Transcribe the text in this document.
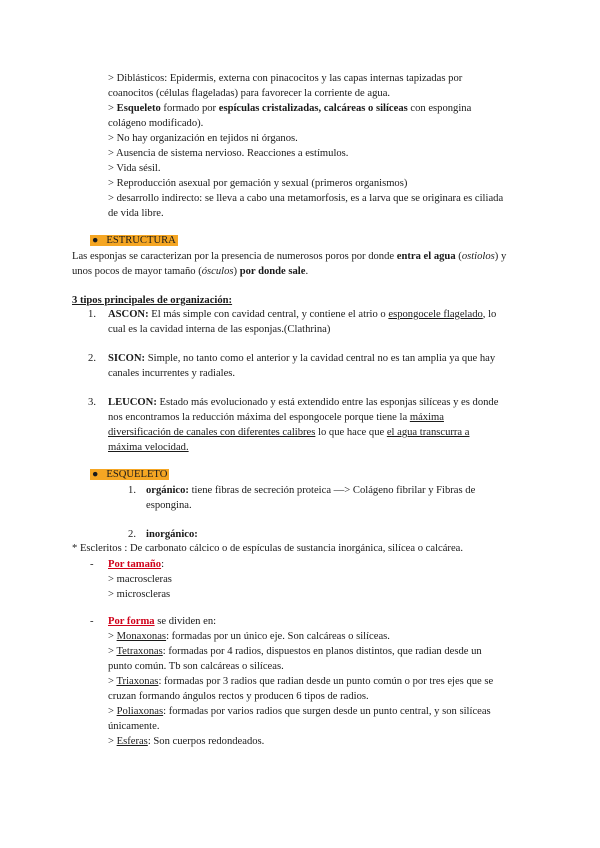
> Diblásticos: Epidermis, externa con pinacocitos y las capas internas tapizadas por
coanocitos (células flageladas) para favorecer la corriente de agua.
> Esqueleto formado por espículas cristalizadas, calcáreas o silíceas con espongina
colágeno modificado).
> No hay organización en tejidos ni órganos.
> Ausencia de sistema nervioso. Reacciones a estímulos.
> Vida sésil.
> Reproducción asexual por gemación y sexual (primeros organismos)
> desarrollo indirecto: se lleva a cabo una metamorfosis, es a larva que se originara es ciliada
de vida libre.
● ESTRUCTURA
Las esponjas se caracterizan por la presencia de numerosos poros por donde entra el agua (ostiolos) y
unos pocos de mayor tamaño (ósculos) por donde sale.
3 tipos principales de organización:
1. ASCON: El más simple con cavidad central, y contiene el atrio o espongocele flagelado, lo
cual es la cavidad interna de las esponjas.(Clathrina)
2. SICON: Simple, no tanto como el anterior y la cavidad central no es tan amplia ya que hay
canales incurrentes y radiales.
3. LEUCON: Estado más evolucionado y está extendido entre las esponjas silíceas y es donde
nos encontramos la reducción máxima del espongocele porque tiene la máxima
diversificación de canales con diferentes calibres lo que hace que el agua transcurra a
máxima velocidad.
● ESQUELETO
1. orgánico: tiene fibras de secreción proteica —> Colágeno fibrilar y Fibras de
espongina.
2. inorgánico:
* Escleritos : De carbonato cálcico o de espículas de sustancia inorgánica, silícea o calcárea.
- Por tamaño:
> macroscleras
> microscleras
- Por forma se dividen en:
> Monaxonas: formadas por un único eje. Son calcáreas o silíceas.
> Tetraxonas: formadas por 4 radios, dispuestos en planos distintos, que radian desde un
punto común. Tb son calcáreas o silíceas.
> Triaxonas: formadas por 3 radios que radian desde un punto común o por tres ejes que se
cruzan formando ángulos rectos y producen 6 tipos de radios.
> Poliaxonas: formadas por varios radios que surgen desde un punto central, y son silíceas
únicamente.
> Esferas: Son cuerpos redondeados.
